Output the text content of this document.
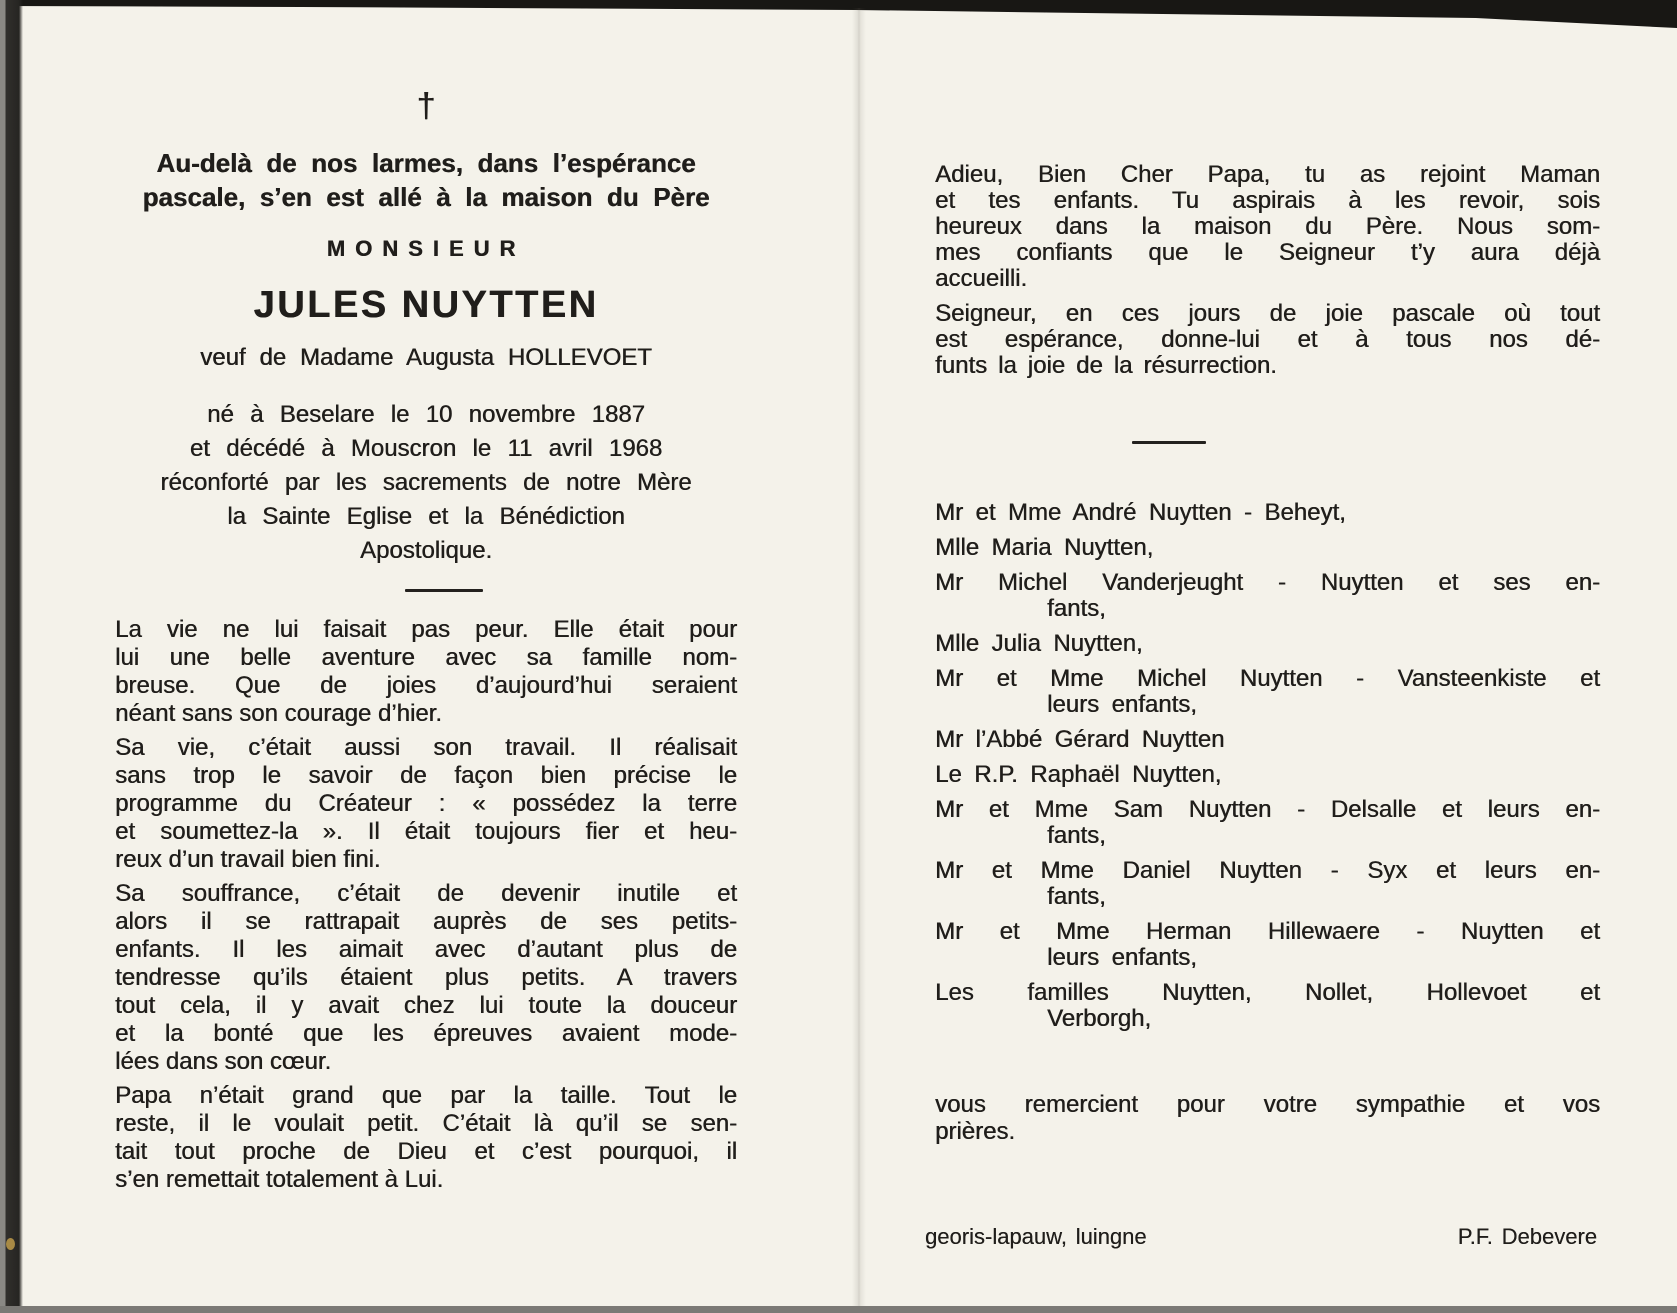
†
Au-delà de nos larmes, dans l’espérance
pascale, s’en est allé à la maison du Père
MONSIEUR
JULES NUYTTEN
veuf de Madame Augusta HOLLEVOET
né à Beselare le 10 novembre 1887
et décédé à Mouscron le 11 avril 1968
réconforté par les sacrements de notre Mère
la Sainte Eglise et la Bénédiction
Apostolique.
La vie ne lui faisait pas peur. Elle était pour
lui une belle aventure avec sa famille nom-
breuse. Que de joies d’aujourd’hui seraient
néant sans son courage d’hier.
Sa vie, c’était aussi son travail. Il réalisait
sans trop le savoir de façon bien précise le
programme du Créateur : « possédez la terre
et soumettez-la ». Il était toujours fier et heu-
reux d’un travail bien fini.
Sa souffrance, c’était de devenir inutile et
alors il se rattrapait auprès de ses petits-
enfants. Il les aimait avec d’autant plus de
tendresse qu’ils étaient plus petits. A travers
tout cela, il y avait chez lui toute la douceur
et la bonté que les épreuves avaient mode-
lées dans son cœur.
Papa n’était grand que par la taille. Tout le
reste, il le voulait petit. C’était là qu’il se sen-
tait tout proche de Dieu et c’est pourquoi, il
s’en remettait totalement à Lui.
Adieu, Bien Cher Papa, tu as rejoint Maman
et tes enfants. Tu aspirais à les revoir, sois
heureux dans la maison du Père. Nous som-
mes confiants que le Seigneur t’y aura déjà
accueilli.
Seigneur, en ces jours de joie pascale où tout
est espérance, donne-lui et à tous nos dé-
funts la joie de la résurrection.
Mr et Mme André Nuytten - Beheyt,
Mlle Maria Nuytten,
Mr Michel Vanderjeught - Nuytten et ses en-
fants,
Mlle Julia Nuytten,
Mr et Mme Michel Nuytten - Vansteenkiste et
leurs enfants,
Mr l’Abbé Gérard Nuytten
Le R.P. Raphaël Nuytten,
Mr et Mme Sam Nuytten - Delsalle et leurs en-
fants,
Mr et Mme Daniel Nuytten - Syx et leurs en-
fants,
Mr et Mme Herman Hillewaere - Nuytten et
leurs enfants,
Les familles Nuytten, Nollet, Hollevoet et
Verborgh,
vous remercient pour votre sympathie et vos
prières.
georis-lapauw, luingne	P.F. Debevere
